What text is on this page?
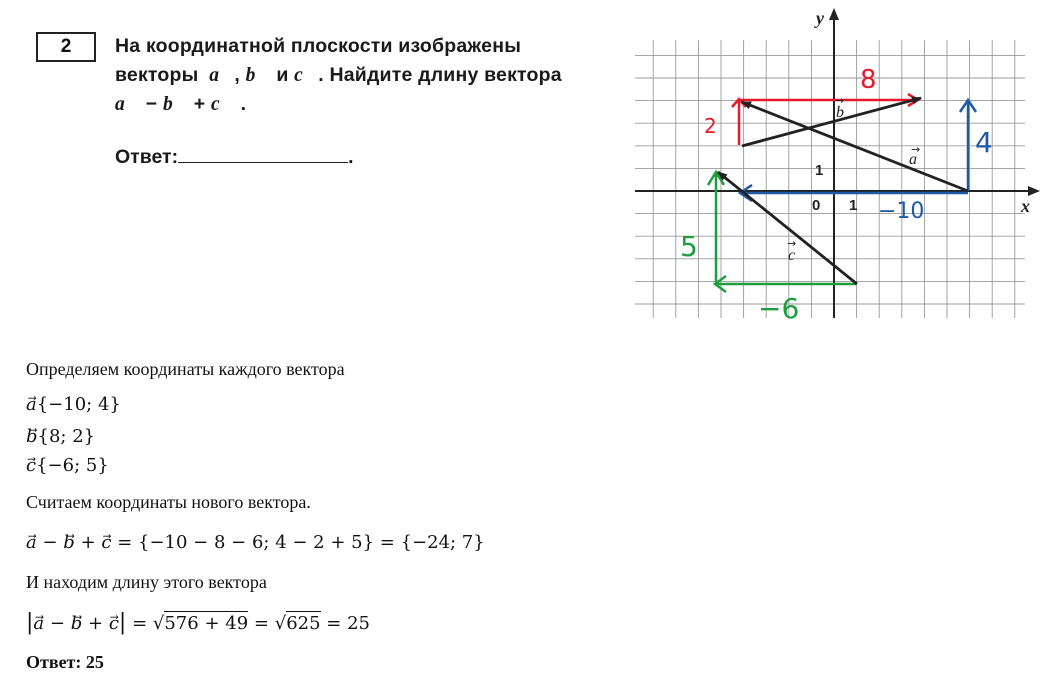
2	На координатной плоскости изображены
векторы a, b и c. Найдите длину вектора
a − b + c .
Ответ:	.
x
y
0 1
1
8
2	4
−10
5
−6
a
→
b
→
c
→
Определяем координаты каждого вектора
a{−10; 4}
b{8; 2}
c{−6; 5}
Считаем координаты нового вектора.
a⃗ − b⃗ + c⃗ = {−10 − 8 − 6; 4 − 2 + 5} = {−24; 7}
И находим длину этого вектора
|a⃗ − b⃗ + c| = √576 + 49 = √625 = 25
Ответ: 25
